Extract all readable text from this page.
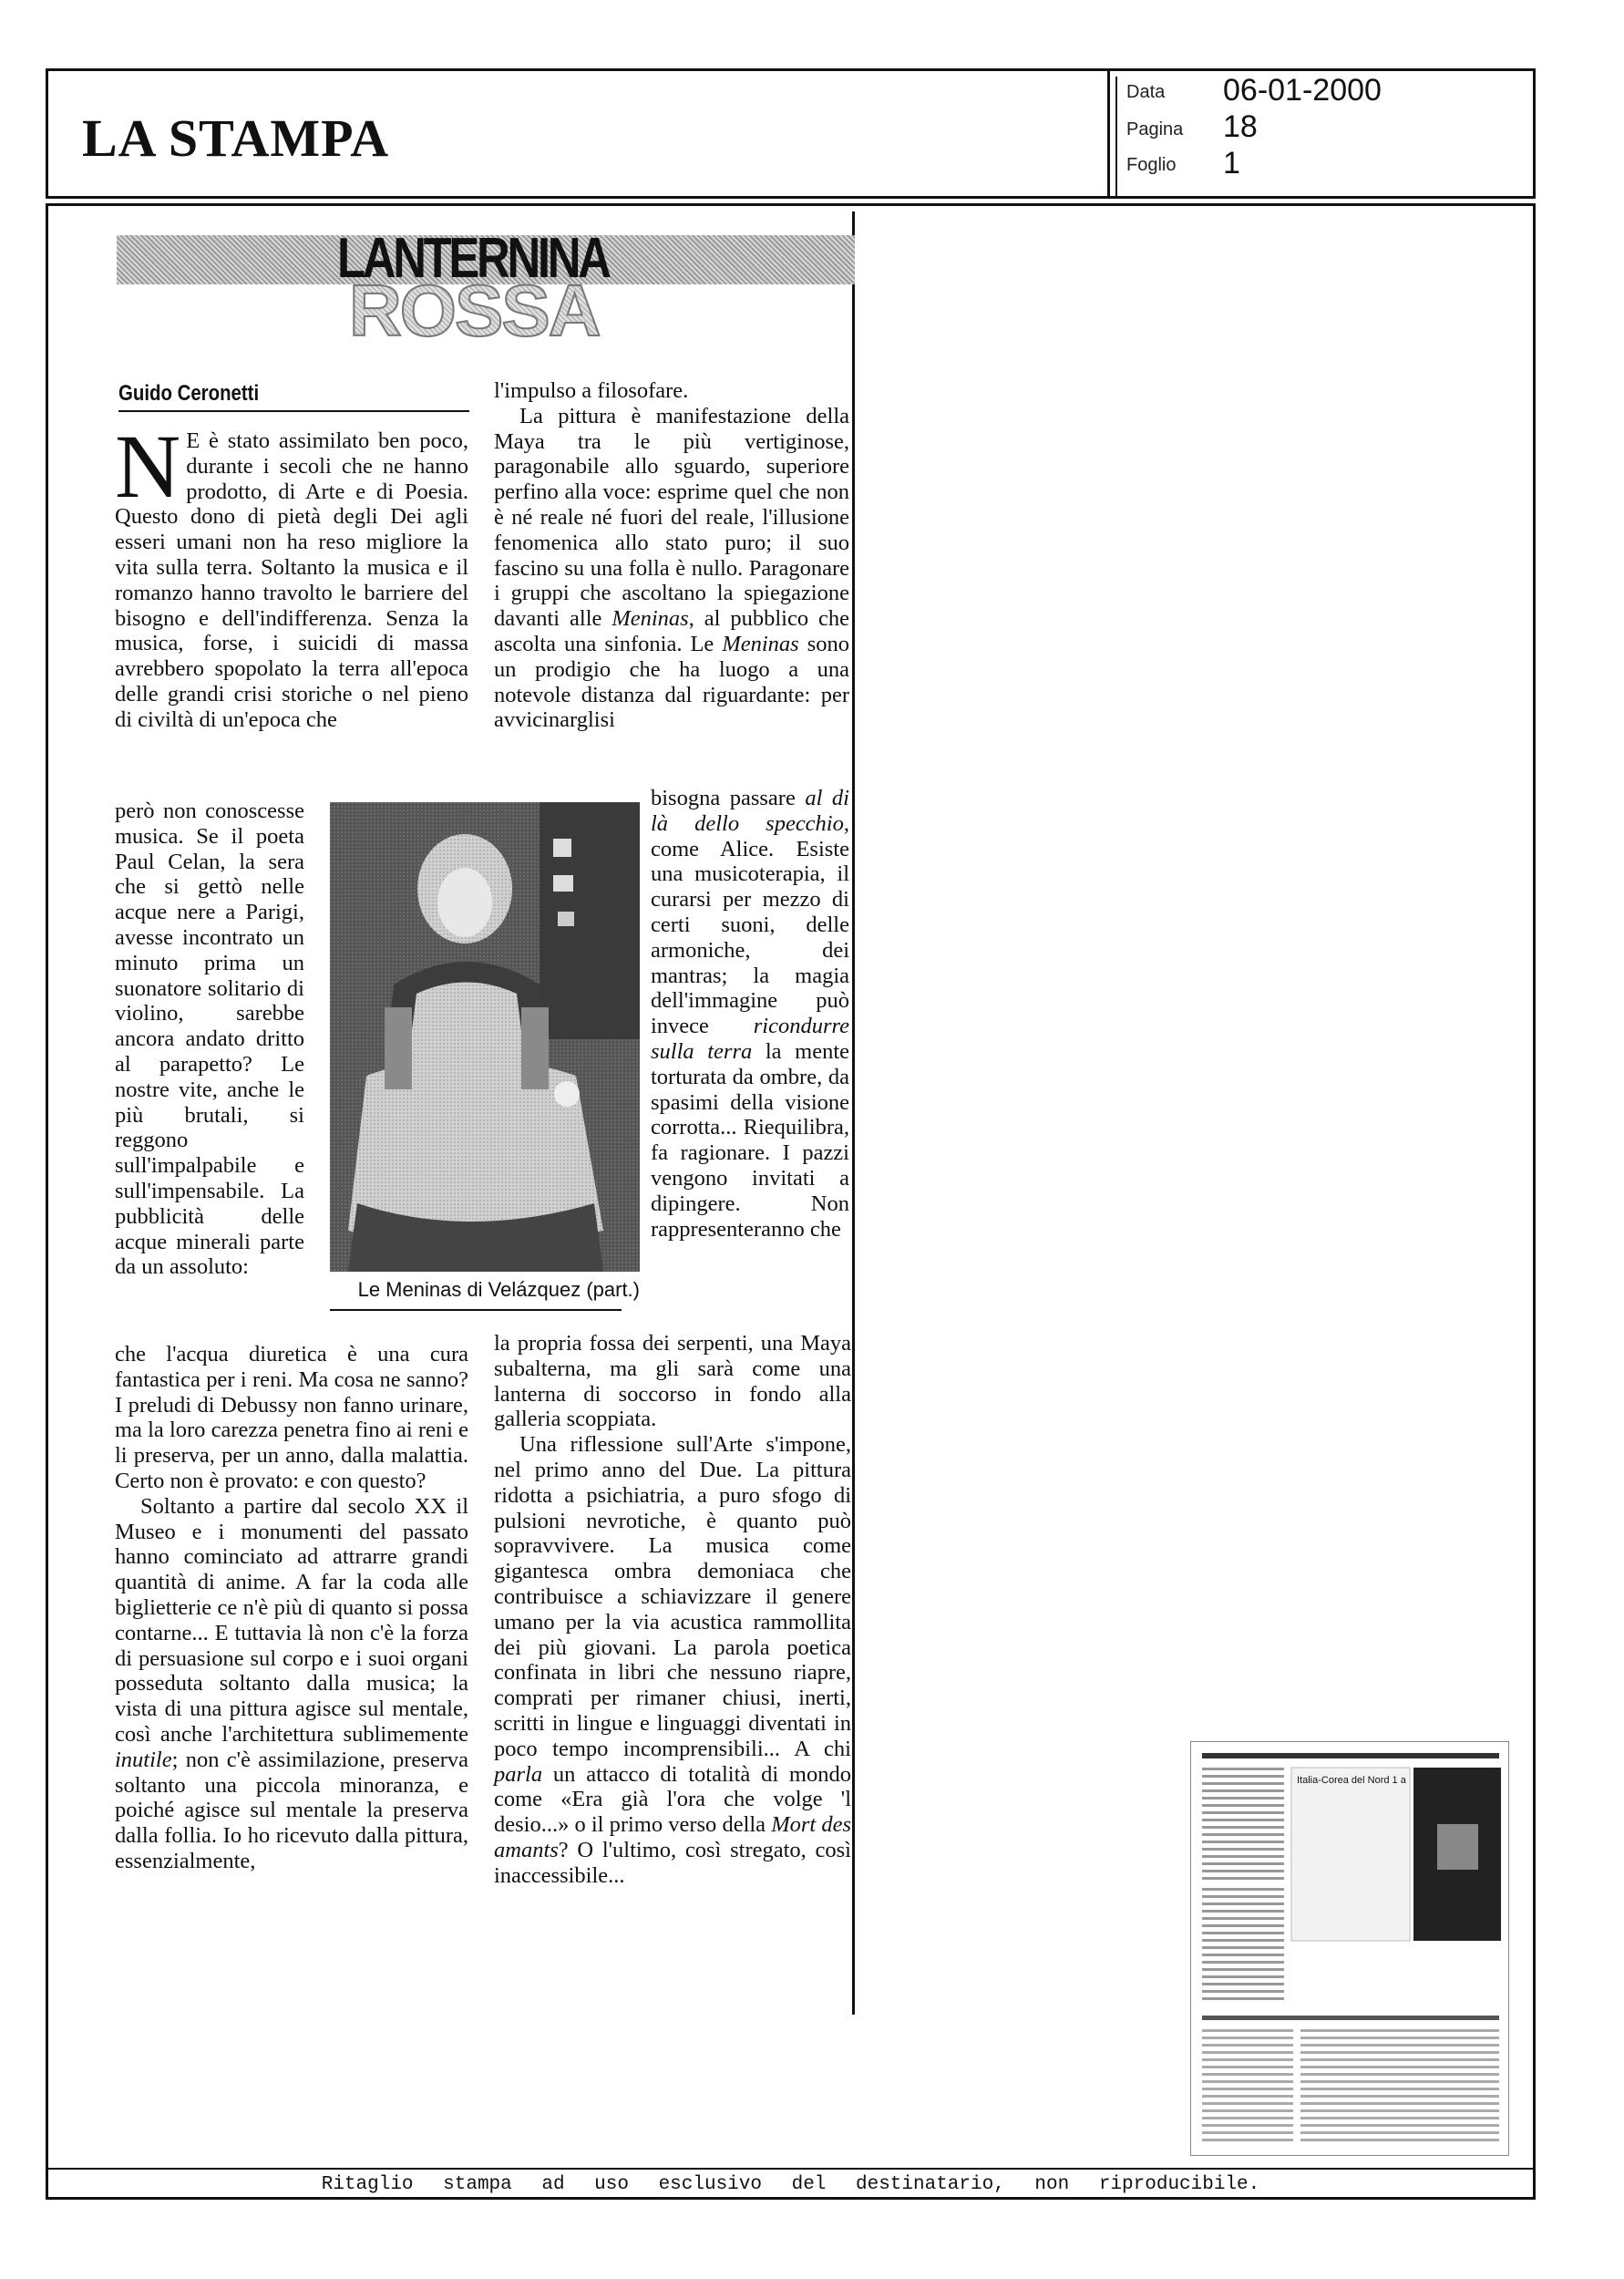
LA STAMPA
Data 06-01-2000
Pagina 18
Foglio 1
ROSSA
LANTERNINA
Guido Ceronetti
N E è stato assimilato ben poco, durante i secoli che ne hanno prodotto, di Arte e di Poesia. Questo dono di pietà degli Dei agli esseri umani non ha reso migliore la vita sulla terra. Soltanto la musica e il romanzo hanno travolto le barriere del bisogno e dell'indifferenza. Senza la musica, forse, i suicidi di massa avrebbero spopolato la terra all'epoca delle grandi crisi storiche o nel pieno di civiltà di un'epoca che
però non conoscesse musica. Se il poeta Paul Celan, la sera che si gettò nelle acque nere a Parigi, avesse incontrato un minuto prima un suonatore solitario di violino, sarebbe ancora andato dritto al parapetto? Le nostre vite, anche le più brutali, si reggono sull'impalpabile e sull'impensabile. La pubblicità delle acque minerali parte da un assoluto:
che l'acqua diuretica è una cura fantastica per i reni. Ma cosa ne sanno? I preludi di Debussy non fanno urinare, ma la loro carezza penetra fino ai reni e li preserva, per un anno, dalla malattia. Certo non è provato: e con questo?
Soltanto a partire dal secolo XX il Museo e i monumenti del passato hanno cominciato ad attrarre grandi quantità di anime. A far la coda alle biglietterie ce n'è più di quanto si possa contarne... E tuttavia là non c'è la forza di persuasione sul corpo e i suoi organi posseduta soltanto dalla musica; la vista di una pittura agisce sul mentale, così anche l'architettura sublimemente inutile; non c'è assimilazione, preserva soltanto una piccola minoranza, e poiché agisce sul mentale la preserva dalla follia. Io ho ricevuto dalla pittura, essenzialmente,
l'impulso a filosofare.
La pittura è manifestazione della Maya tra le più vertiginose, paragonabile allo sguardo, superiore perfino alla voce: esprime quel che non è né reale né fuori del reale, l'illusione fenomenica allo stato puro; il suo fascino su una folla è nullo. Paragonare i gruppi che ascoltano la spiegazione davanti alle Meninas, al pubblico che ascolta una sinfonia. Le Meninas sono un prodigio che ha luogo a una notevole distanza dal riguardante: per avvicinarglisi
bisogna passare al di là dello specchio, come Alice. Esiste una musicoterapia, il curarsi per mezzo di certi suoni, delle armoniche, dei mantras; la magia dell'immagine può invece ricondurre sulla terra la mente torturata da ombre, da spasimi della visione corrotta... Riequilibra, fa ragionare. I pazzi vengono invitati a dipingere. Non rappresenteranno che
la propria fossa dei serpenti, una Maya subalterna, ma gli sarà come una lanterna di soccorso in fondo alla galleria scoppiata.
Una riflessione sull'Arte s'impone, nel primo anno del Due. La pittura ridotta a psichiatria, a puro sfogo di pulsioni nevrotiche, è quanto può sopravvivere. La musica come gigantesca ombra demoniaca che contribuisce a schiavizzare il genere umano per la via acustica rammollita dei più giovani. La parola poetica confinata in libri che nessuno riapre, comprati per rimaner chiusi, inerti, scritti in lingue e linguaggi diventati in poco tempo incomprensibili... A chi parla un attacco di totalità di mondo come «Era già l'ora che volge 'l desio...» o il primo verso della Mort des amants? O l'ultimo, così stregato, così inaccessibile...
Le Meninas di Velázquez (part.)
Italia-Corea del Nord 1 a
Ritaglio stampa ad uso esclusivo del destinatario, non riproducibile.
